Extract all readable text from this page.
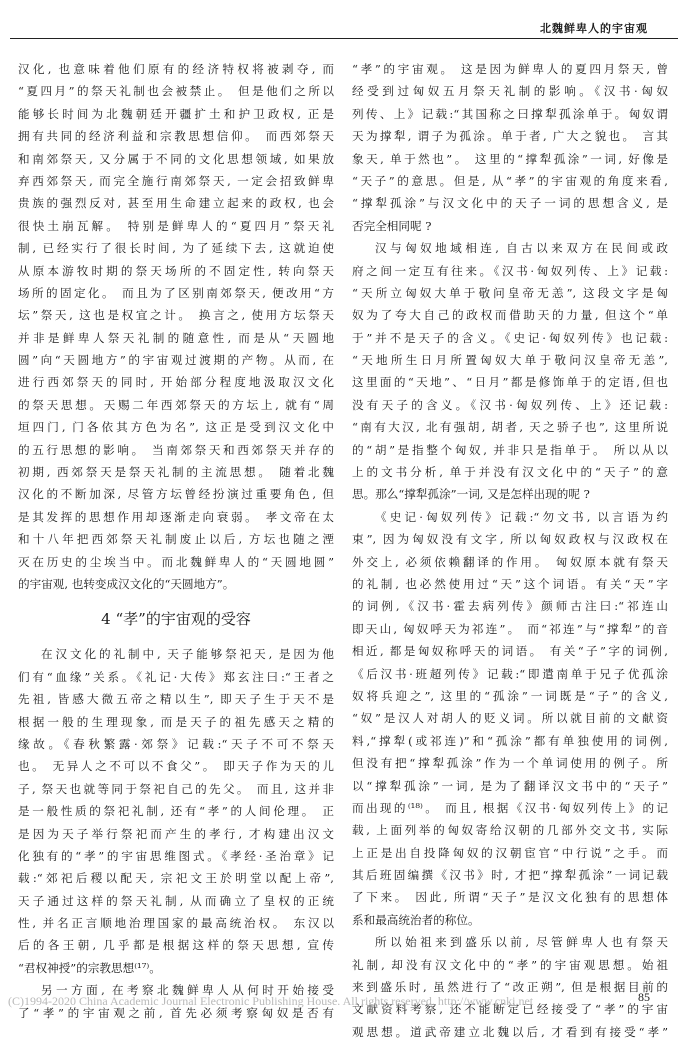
北魏鲜卑人的宇宙观
汉化, 也意味着他们原有的经济特权将被剥夺, 而
“夏四月”的祭天礼制也会被禁止。 但是他们之所以
能够长时间为北魏朝廷开疆扩土和护卫政权, 正是
拥有共同的经济利益和宗教思想信仰。 而西郊祭天
和南郊祭天, 又分属于不同的文化思想领域, 如果放
弃西郊祭天, 而完全施行南郊祭天, 一定会招致鲜卑
贵族的强烈反对, 甚至用生命建立起来的政权, 也会
很快土崩瓦解。 特别是鲜卑人的“夏四月”祭天礼
制, 已经实行了很长时间, 为了延续下去, 这就迫使
从原本游牧时期的祭天场所的不固定性, 转向祭天
场所的固定化。 而且为了区别南郊祭天, 便改用“方
坛”祭天, 这也是权宜之计。 换言之, 使用方坛祭天
并非是鲜卑人祭天礼制的随意性, 而是从“天圆地
圆”向“天圆地方”的宇宙观过渡期的产物。从而, 在
进行西郊祭天的同时, 开始部分程度地汲取汉文化
的祭天思想。天赐二年西郊祭天的方坛上, 就有“周
垣四门, 门各依其方色为名”, 这正是受到汉文化中
的五行思想的影响。 当南郊祭天和西郊祭天并存的
初期, 西郊祭天是祭天礼制的主流思想。 随着北魏
汉化的不断加深, 尽管方坛曾经扮演过重要角色, 但
是其发挥的思想作用却逐渐走向衰弱。 孝文帝在太
和十八年把西郊祭天礼制废止以后, 方坛也随之湮
灭在历史的尘埃当中。而北魏鲜卑人的“天圆地圆”
的宇宙观, 也转变成汉文化的“天圆地方”。
4 “孝”的宇宙观的受容
在汉文化的礼制中, 天子能够祭祀天, 是因为他
们有“血缘”关系。《礼记·大传》郑玄注曰:“王者之
先祖, 皆感大微五帝之精以生”, 即天子生于天不是
根据一般的生理现象, 而是天子的祖先感天之精的
缘故。《春秋繁露·郊祭》记载:“天子不可不祭天
也。 无异人之不可以不食父”。 即天子作为天的儿
子, 祭天也就等同于祭祀自己的先父。 而且, 这并非
是一般性质的祭祀礼制, 还有“孝”的人间伦理。 正
是因为天子举行祭祀而产生的孝行, 才构建出汉文
化独有的“孝”的宇宙思维图式。《孝经·圣治章》记
载:“郊祀后稷以配天, 宗祀文王於明堂以配上帝”,
天子通过这样的祭天礼制, 从而确立了皇权的正统
性, 并名正言顺地治理国家的最高统治权。 东汉以
后的各王朝, 几乎都是根据这样的祭天思想, 宣传
“君权神授”的宗教思想⁽¹⁷⁾。
另一方面, 在考察北魏鲜卑人从何时开始接受
了“孝”的宇宙观之前, 首先必须考察匈奴是否有
“孝”的宇宙观。 这是因为鲜卑人的夏四月祭天, 曾
经受到过匈奴五月祭天礼制的影响。《汉书·匈奴
列传、上》记载:“其国称之曰撑犁孤涂单于。匈奴谓
天为撑犁, 谓子为孤涂。单于者, 广大之貌也。 言其
象天, 单于然也”。 这里的“撑犁孤涂”一词, 好像是
“天子”的意思。但是, 从“孝”的宇宙观的角度来看,
“撑犁孤涂”与汉文化中的天子一词的思想含义, 是
否完全相同呢 ?
汉与匈奴地域相连, 自古以来双方在民间或政
府之间一定互有往来。《汉书·匈奴列传、上》记载:
“天所立匈奴大单于敬问皇帝无恙”, 这段文字是匈
奴为了夸大自己的政权而借助天的力量, 但这个“单
于”并不是天子的含义。《史记·匈奴列传》也记载:
“天地所生日月所置匈奴大单于敬问汉皇帝无恙”,
这里面的“天地”、“日月”都是修饰单于的定语,但也
没有天子的含义。《汉书·匈奴列传、上》还记载:
“南有大汉, 北有强胡, 胡者, 天之骄子也”, 这里所说
的“胡”是指整个匈奴, 并非只是指单于。 所以从以
上的文书分析, 单于并没有汉文化中的“天子”的意
思。那么“撑犁孤涂”一词, 又是怎样出现的呢 ?
《史记·匈奴列传》记载:“勿文书, 以言语为约
束”, 因为匈奴没有文字, 所以匈奴政权与汉政权在
外交上, 必须依赖翻译的作用。 匈奴原本就有祭天
的礼制, 也必然使用过“天”这个词语。有关“天”字
的词例,《汉书·霍去病列传》颜师古注曰:“祁连山
即天山, 匈奴呼天为祁连”。 而“祁连”与“撑犁”的音
相近, 都是匈奴称呼天的词语。 有关“子”字的词例,
《后汉书·班超列传》记载:“即遣南单于兄子优孤涂
奴将兵迎之”, 这里的“孤涂”一词既是“子”的含义,
“奴”是汉人对胡人的贬义词。所以就目前的文献资
料,“撑犁(或祁连)”和“孤涂”都有单独使用的词例,
但没有把“撑犁孤涂”作为一个单词使用的例子。所
以“撑犁孤涂”一词, 是为了翻译汉文书中的“天子”
而出现的⁽¹⁸⁾。 而且, 根据《汉书·匈奴列传上》的记
载, 上面列举的匈奴寄给汉朝的几部外交文书, 实际
上正是出自投降匈奴的汉朝宦官“中行说”之手。而
其后班固编撰《汉书》时, 才把“撑犁孤涂”一词记载
了下来。 因此, 所谓“天子”是汉文化独有的思想体
系和最高统治者的称位。
所以始祖来到盛乐以前, 尽管鲜卑人也有祭天
礼制, 却没有汉文化中的“孝”的宇宙观思想。始祖
来到盛乐时, 虽然进行了“改正朔”, 但是根据目前的
文献资料考察, 还不能断定已经接受了“孝”的宇宙
观思想。道武帝建立北魏以后, 才看到有接受“孝”
(C)1994-2020 China Academic Journal Electronic Publishing House. All rights reserved. http://www.cnki.net	85
